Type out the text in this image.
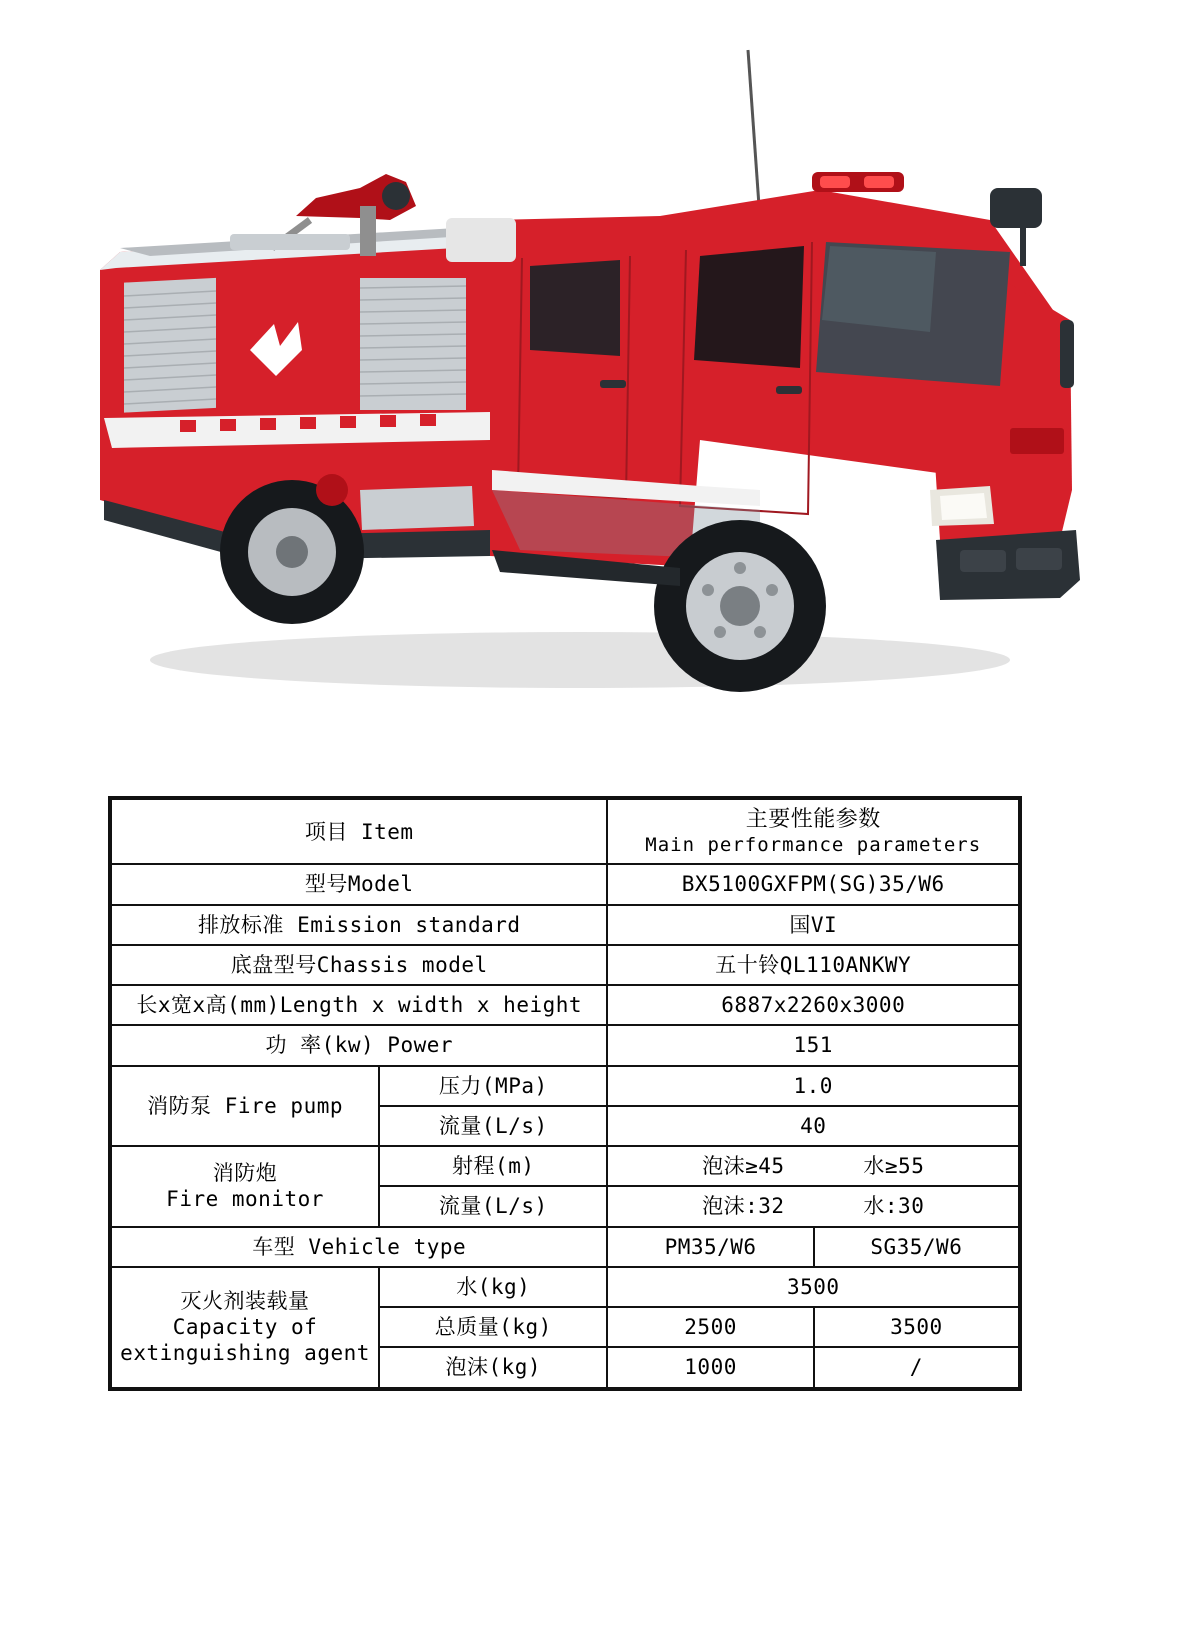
项目 Item		主要性能参数
Main performance parameters	

型号Model		BX5100GXFPM(SG)35/W6	
排放标准 Emission standard		国VI	
底盘型号Chassis model		五十铃QL110ANKWY	
长x宽x高(mm)Length x width x height		6887x2260x3000	
功 率(kw) Power		151	
消防泵 Fire pump	压力(MPa)	1.0	
	流量(L/s)	40	

消防炮
Fire monitor	射程(m)	泡沫≥45 水≥55	
	流量(L/s)	泡沫:32 水:30	
车型 Vehicle type		PM35/W6	SG35/W6

灭火剂装载量
Capacity of
extinguishing agent	水(kg)	3500	
	总质量(kg)	2500	3500
	泡沫(kg)	1000	/
